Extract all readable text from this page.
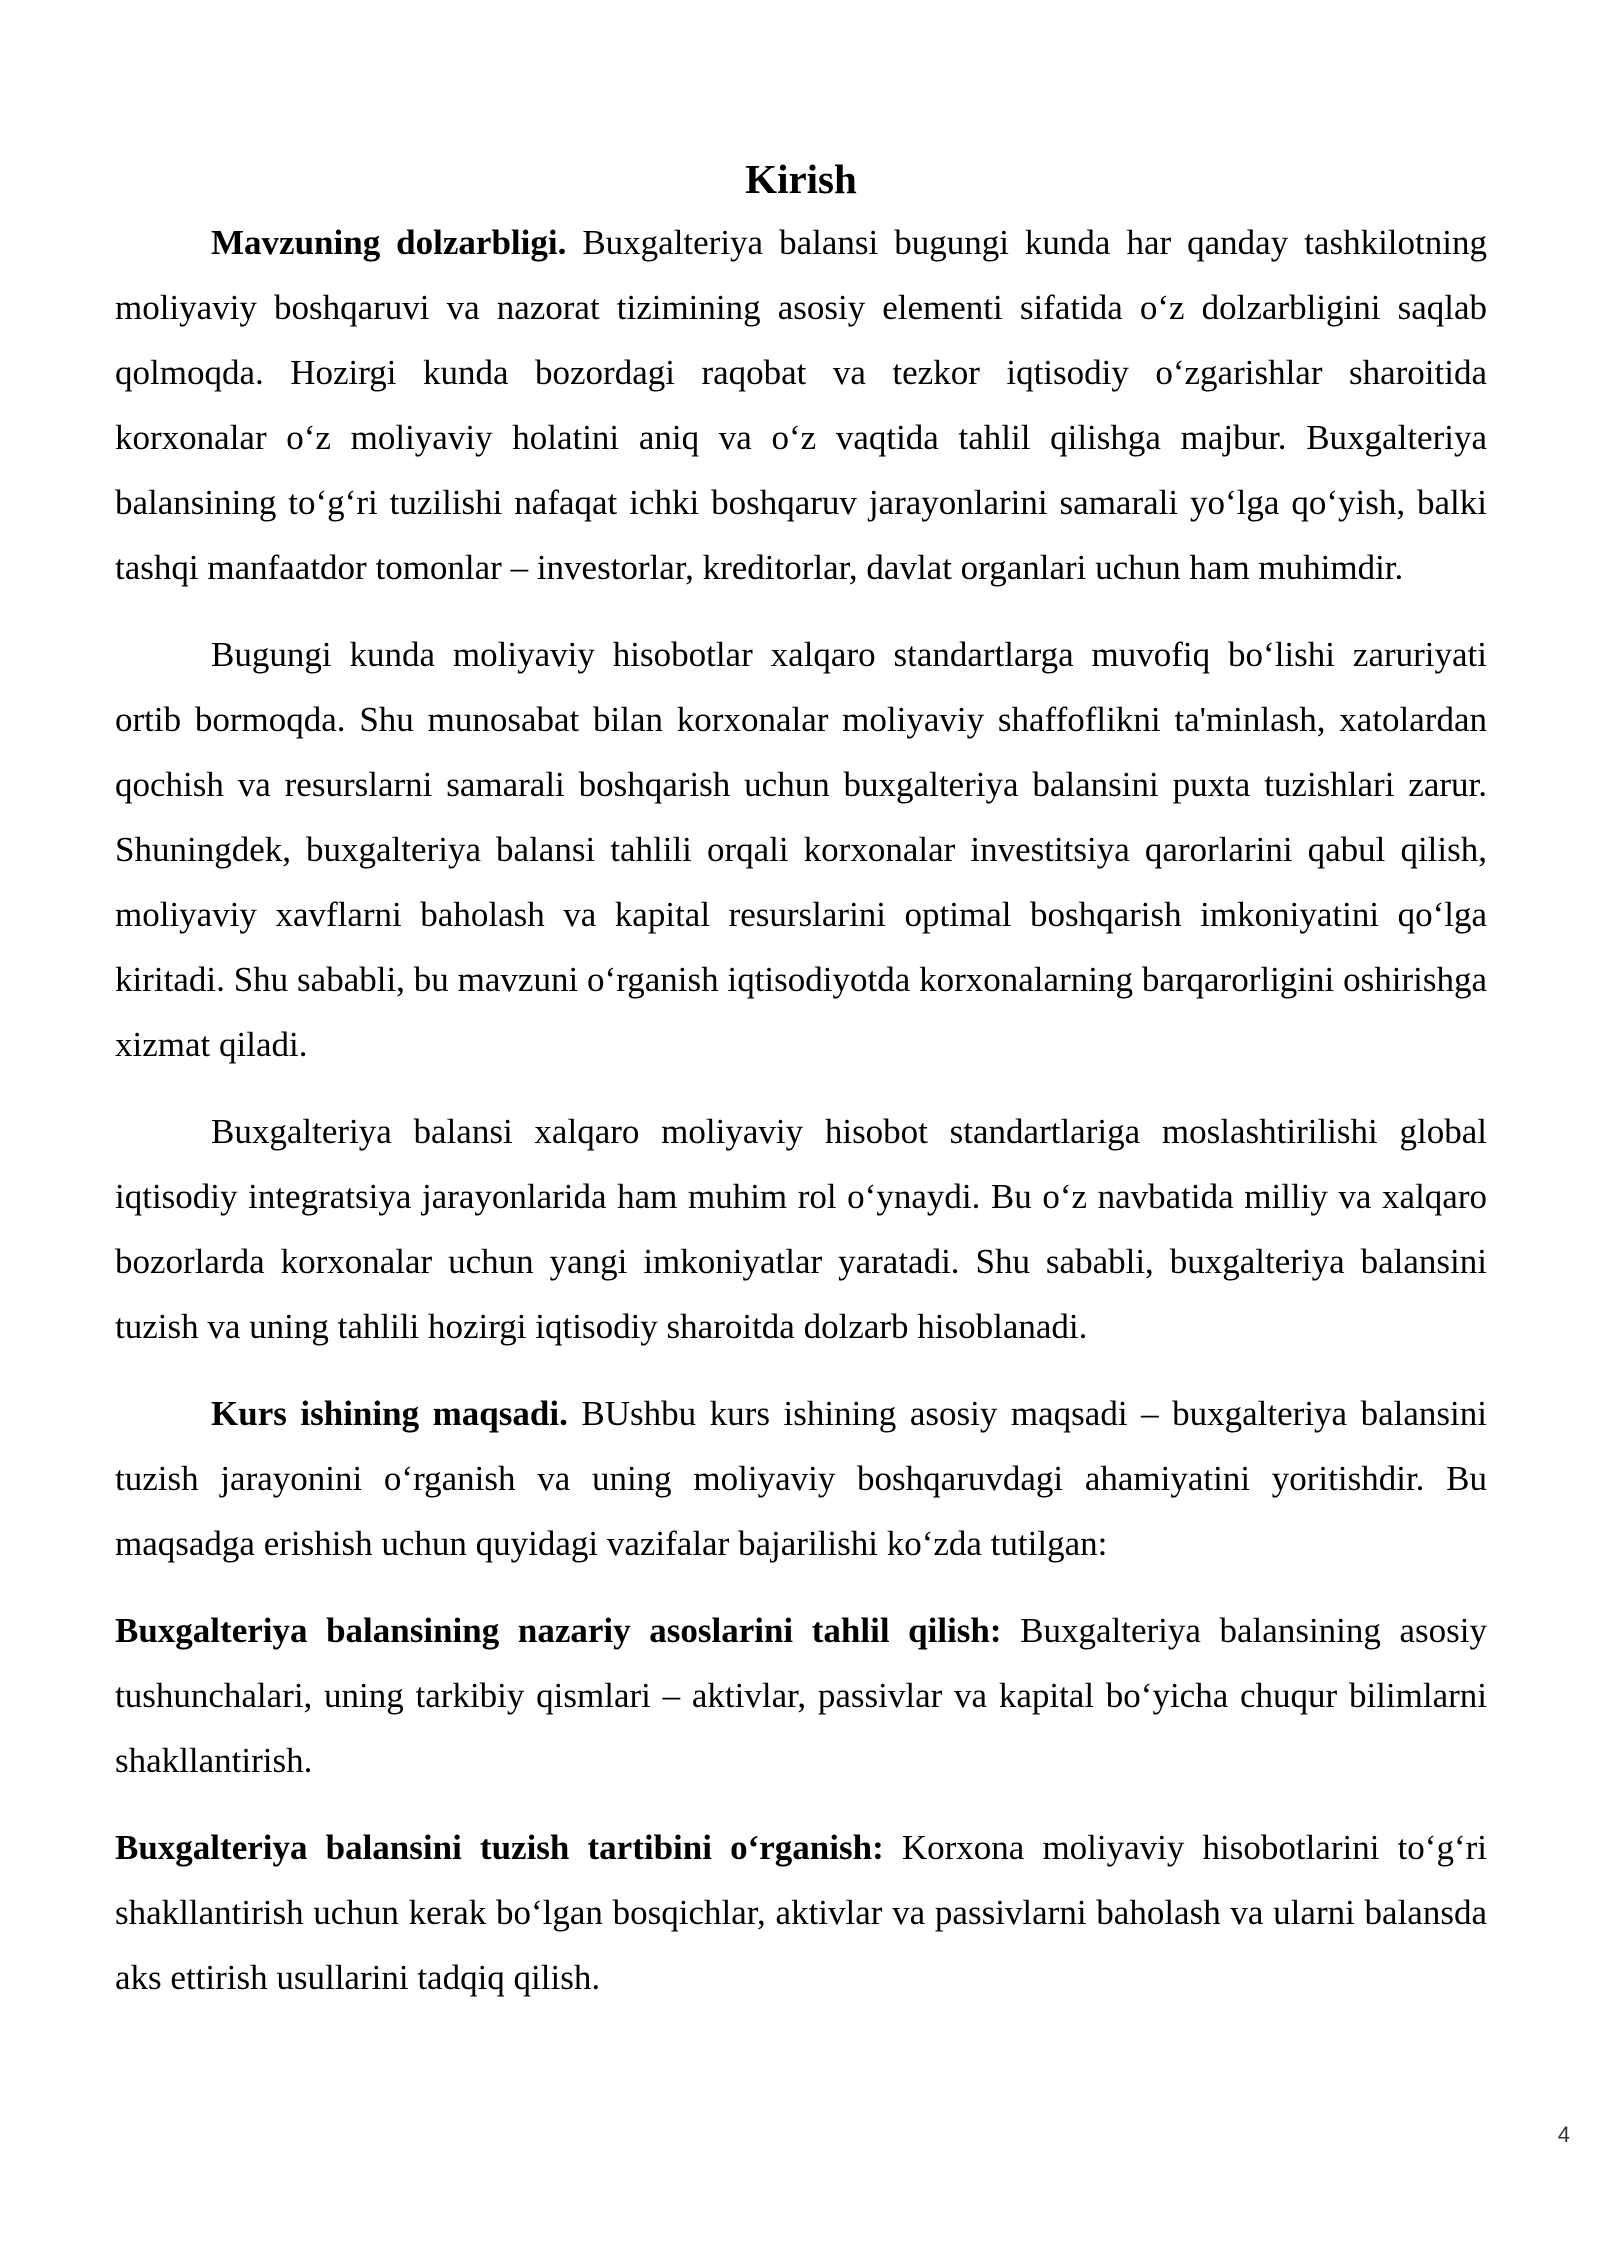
Kirish

Mavzuning dolzarbligi. Buxgalteriya balansi bugungi kunda har qanday tashkilotning moliyaviy boshqaruvi va nazorat tizimining asosiy elementi sifatida o‘z dolzarbligini saqlab qolmoqda. Hozirgi kunda bozordagi raqobat va tezkor iqtisodiy o‘zgarishlar sharoitida korxonalar o‘z moliyaviy holatini aniq va o‘z vaqtida tahlil qilishga majbur. Buxgalteriya balansining to‘g‘ri tuzilishi nafaqat ichki boshqaruv jarayonlarini samarali yo‘lga qo‘yish, balki tashqi manfaatdor tomonlar – investorlar, kreditorlar, davlat organlari uchun ham muhimdir.

Bugungi kunda moliyaviy hisobotlar xalqaro standartlarga muvofiq bo‘lishi zaruriyati ortib bormoqda. Shu munosabat bilan korxonalar moliyaviy shaffoflikni ta'minlash, xatolardan qochish va resurslarni samarali boshqarish uchun buxgalteriya balansini puxta tuzishlari zarur. Shuningdek, buxgalteriya balansi tahlili orqali korxonalar investitsiya qarorlarini qabul qilish, moliyaviy xavflarni baholash va kapital resurslarini optimal boshqarish imkoniyatini qo‘lga kiritadi. Shu sababli, bu mavzuni o‘rganish iqtisodiyotda korxonalarning barqarorligini oshirishga xizmat qiladi.

Buxgalteriya balansi xalqaro moliyaviy hisobot standartlariga moslashtirilishi global iqtisodiy integratsiya jarayonlarida ham muhim rol o‘ynaydi. Bu o‘z navbatida milliy va xalqaro bozorlarda korxonalar uchun yangi imkoniyatlar yaratadi. Shu sababli, buxgalteriya balansini tuzish va uning tahlili hozirgi iqtisodiy sharoitda dolzarb hisoblanadi.

Kurs ishining maqsadi. BUshbu kurs ishining asosiy maqsadi – buxgalteriya balansini tuzish jarayonini o‘rganish va uning moliyaviy boshqaruvdagi ahamiyatini yoritishdir. Bu maqsadga erishish uchun quyidagi vazifalar bajarilishi ko‘zda tutilgan:

Buxgalteriya balansining nazariy asoslarini tahlil qilish: Buxgalteriya balansining asosiy tushunchalari, uning tarkibiy qismlari – aktivlar, passivlar va kapital bo‘yicha chuqur bilimlarni shakllantirish.

Buxgalteriya balansini tuzish tartibini o‘rganish: Korxona moliyaviy hisobotlarini to‘g‘ri shakllantirish uchun kerak bo‘lgan bosqichlar, aktivlar va passivlarni baholash va ularni balansda aks ettirish usullarini tadqiq qilish.

4
